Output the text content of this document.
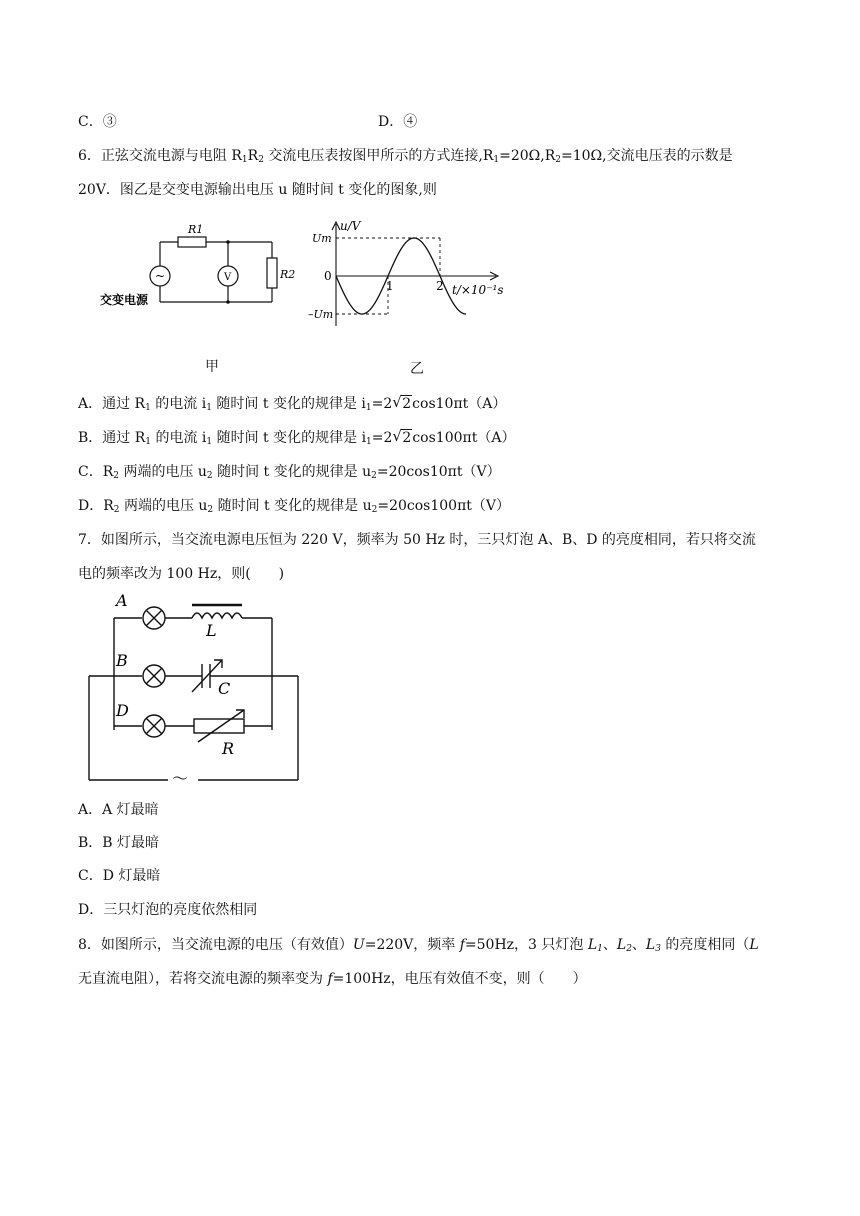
C．③	D．④
6．正弦交流电源与电阻 $R_1R_2$ 交流电压表按图甲所示的方式连接$,R_1=20\Omega,R_2=10\Omega$,交流电压表的示数是
20V．图乙是交变电源输出电压 u 随时间 t 变化的图象,则
R1
R2
V
~
交变电源
甲
u/V
Um
0
–Um
1	2 t/×10⁻¹s
乙
A．通过 $R_1$ 的电流 $i_1$ 随时间 t 变化的规律是 $i_1=2$ √ 2cos10πt（A）
B．通过 $R_1$ 的电流 $i_1$ 随时间 t 变化的规律是 $i_1=2$ √ 2cos100πt（A）
C．$R_2$ 两端的电压 $u_2$ 随时间 t 变化的规律是 $u_2=20\cos 10\pi t(V)$
D．$R_2$ 两端的电压 $u_2$ 随时间 t 变化的规律是 $u_2=20\cos 100\pi t(V)$
7．如图所示，当交流电源电压恒为 220 V，频率为 50 Hz 时，三只灯泡 A、B、D 的亮度相同，若只将交流
电的频率改为 100 Hz，则(　　)
A
B
D
L
C
R
～
A．A 灯最暗
B．B 灯最暗
C．D 灯最暗
D．三只灯泡的亮度依然相同
8．如图所示，当交流电源的电压（有效值）U=220V，频率 f=50Hz，3 只灯泡 $L_1$、$L_2$、$L_3$ 的亮度相同（L
无直流电阻），若将交流电源的频率变为 f=100Hz，电压有效值不变，则（　　）
